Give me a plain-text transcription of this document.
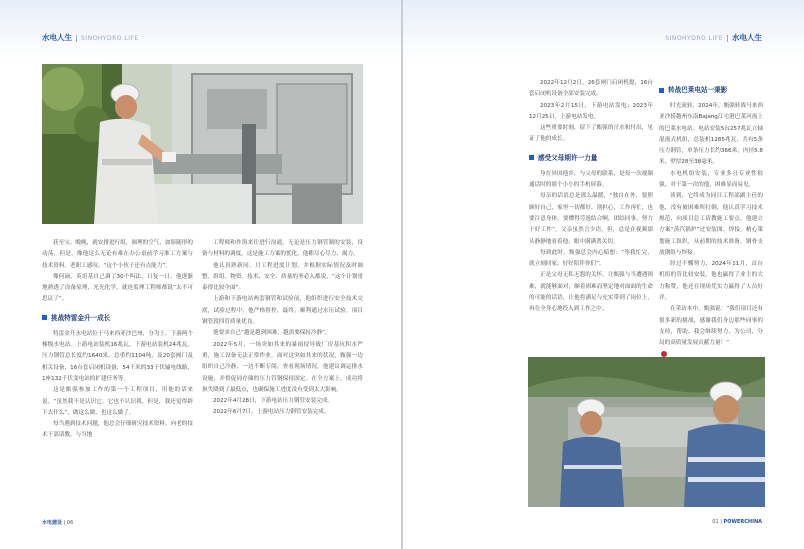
水电人生 SINOHYDRO LIFE

获至宝。晚晚，就安排进行组，调理的空气，如影随形的动荡，但是，像他这么无论有难在办公桌前学习准工方案与技术资料，老职工感叹，“这个小伙子还有点能力”。

像何滴，英语基自己调了30个叫法，日复一日，他逐渐地熟透了设备原理，光光化学，就连监理工程师都说“太不可思议了”。

挑战特雷金升一成长

特雷金升水电站位于马来西亚沙巴州，分为上、下游两个梯级水电站。上游电站装机16兆瓦，下游电站装机24兆瓦。压力钢管总长度约1640米，总重约1104吨，及20套阀门及相关设备，16台套启闭机设备，54千米的33千伏输电线路，1座132千伏变电站的扩建任务等。

这是甄强参加工作的第一个工程项目，用他的话来说，“虽然我不是认识它，它也不认识我，但是，我还觉得辟下去什么”，做这么做，也这么做了。

每当遇到技术问题，他总会仔细研究技术资料，向老的技术干部请教，与当地

工程师和作海来往进行沟通，无论是压力钢管制的安装，设备与材料的调度，这是施工方案的优化，他都尽心尽力、竭力。

他认真熟新同、月工程进度计划，并根据实际情况及时调整。组组、物资、技术、安全、质量的务必入都说，“这个计划哥泰得比较全面”。

上游和下游电站两套钢管和试验前，他组织进行安全技术交底，试验过程中，他严格督控，最终，顺利通过水压试验，项目钢管段四管质量优良。

他要求自己“越是越到困难，越需要保持冷静”。

2022年5月，一场突如其来的暴雨侵导致厂房基坑积水严重，施工设备无法正常作业。面对这突如其来的状况，甄强一边组织自己冷静，一边不断专阅，查看现场情况，他建议调运排水设施，并督促同存储的压力管钢保持固定。在全方案上，成功将损失降到了最低点，也确保施工进度没有受到太大影响。

2022年4月28日，下游电站压力钢管安装完成。

2022年6月7日，上游电站压力钢管安装完成。

水电建设 | 06
SINOHYDRO LIFE 水电人生

2022年12月2日，26套闸门启闭机提，16台套启闭机设备全部安装完成。

2023年2月15日，下游电站发电；2023年12月25日，上游电站发电。

这些重要时刻，留下了甄强的汗水和付出，见证了他的成长。

感受父母期许一力量

身在异国他乡，与父母的联系，是每一次视频通话时的那个小小的手机屏幕。

母亲的话语总是那么温暖，“独自在外，要照顾好自己，家里一切都好，别担心，工作再忙，也要注意身体，要懂得劳逸结合啊，团结同事，努力干好工作”，父亲虽然言少语，但，总是在视频那头静静地看着他，眼中满满著关切。

每到此时，甄强总会内心暗想：“等我忙完，就立刻回家，好好陪伴你们”。

正是父母无私无怨的关怀，让甄强与当遭遇困难，就能够面对，顺着困难而坚定地对面面的生命的可能的话语，让他将满足与充实带到了岗位上，再在全身心地投入到工作之中。

转战巴莱电站一秉影

时光流转，2024年，甄强转战马来西亚沙捞越州东南Bajang江宅港巴莱河流上的巴莱水电站。电站安装5台257兆瓦立轴混流式机组，总装机1285兆瓦，共有5条压力钢管，单条压力长约366米，内径5.8米，壁厚28至38毫米。

水电机组安装，专业多且专业性很强，对于第一次的他，困难显而易见。

谈到，它终成为同目工程部副主任的他，没有被困难所打倒，他认真学习技术规范，向项目总工请教施工要点，他建立方案“蒸汽锅炉”过安装图、焊接，精心策划施工组织，从前期的技术准备，钢骨支放钢组与焊接。

经过不懈努力，2024年11月，首台机组的管比较安装，他也赢得了业主的大力称赞，他还在现场凭实力赢得了人员好评。

在采访本中，甄强说：“我们项目还有很多新的挑战，感谢我们身边那些同事的支持，帮助，我会继续努力，为公司，分局的高质量发展贡献力量！”

01 | POWERCHINA
